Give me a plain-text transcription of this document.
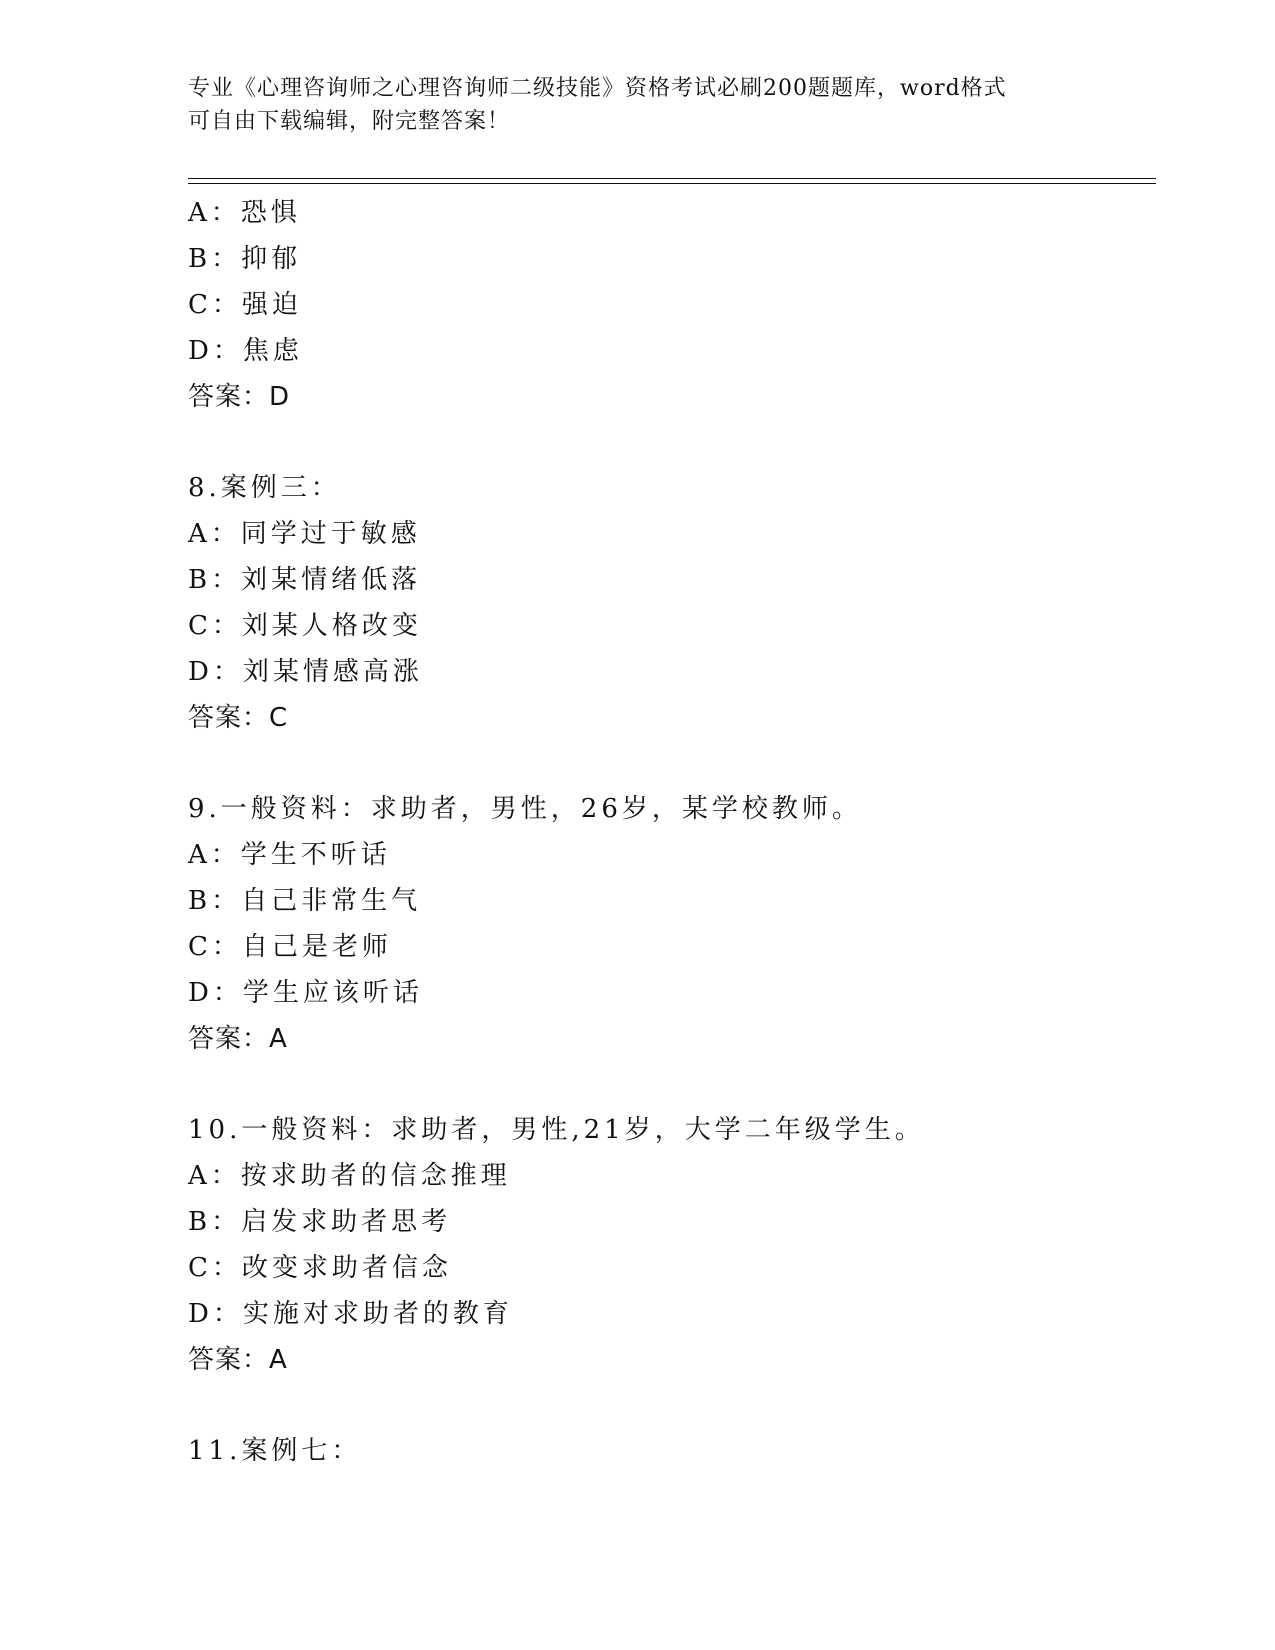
专业《心理咨询师之心理咨询师二级技能》资格考试必刷200题题库，word格式
可自由下载编辑，附完整答案！
A：恐惧
B：抑郁
C：强迫
D：焦虑
答案：D
8.案例三：
A：同学过于敏感
B：刘某情绪低落
C：刘某人格改变
D：刘某情感高涨
答案：C
9.一般资料：求助者，男性，26岁，某学校教师。
A：学生不听话
B：自己非常生气
C：自己是老师
D：学生应该听话
答案：A
10.一般资料：求助者，男性,21岁，大学二年级学生。
A：按求助者的信念推理
B：启发求助者思考
C：改变求助者信念
D：实施对求助者的教育
答案：A
11.案例七：
